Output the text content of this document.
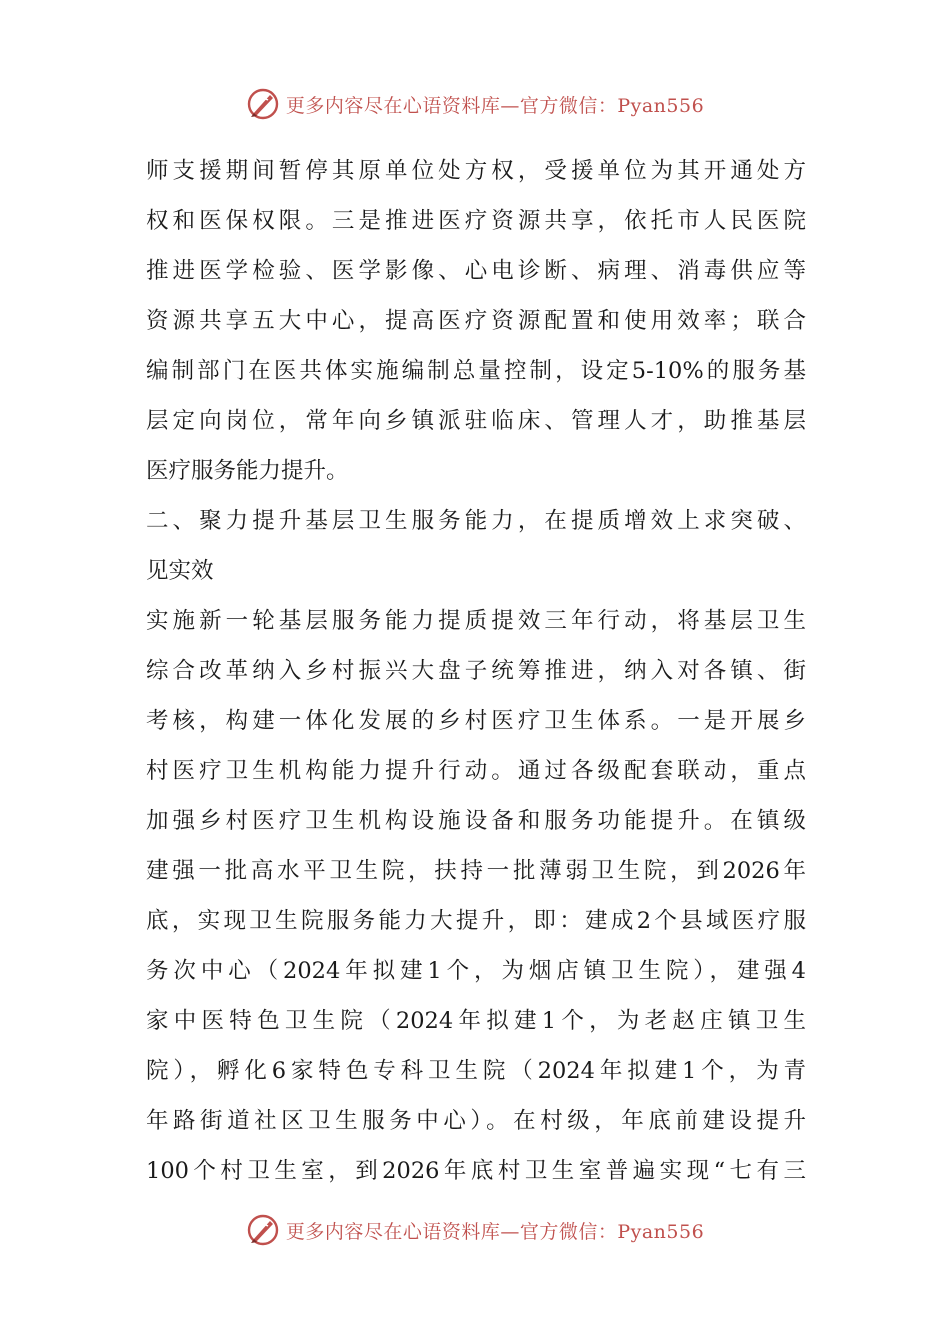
更多内容尽在心语资料库—官方微信：Pyan556
师支援期间暂停其原单位处方权，受援单位为其开通处方
权和医保权限。三是推进医疗资源共享，依托市人民医院
推进医学检验、医学影像、心电诊断、病理、消毒供应等
资源共享五大中心，提高医疗资源配置和使用效率；联合
编制部门在医共体实施编制总量控制，设定5-10%的服务基
层定向岗位，常年向乡镇派驻临床、管理人才，助推基层
医疗服务能力提升。
二、聚力提升基层卫生服务能力，在提质增效上求突破、
见实效
实施新一轮基层服务能力提质提效三年行动，将基层卫生
综合改革纳入乡村振兴大盘子统筹推进，纳入对各镇、街
考核，构建一体化发展的乡村医疗卫生体系。一是开展乡
村医疗卫生机构能力提升行动。通过各级配套联动，重点
加强乡村医疗卫生机构设施设备和服务功能提升。在镇级
建强一批高水平卫生院，扶持一批薄弱卫生院，到2026年
底，实现卫生院服务能力大提升，即：建成2个县域医疗服
务次中心（2024年拟建1个，为烟店镇卫生院），建强4
家中医特色卫生院（2024年拟建1个，为老赵庄镇卫生
院），孵化6家特色专科卫生院（2024年拟建1个，为青
年路街道社区卫生服务中心）。在村级，年底前建设提升
100个村卫生室，到2026年底村卫生室普遍实现“七有三
更多内容尽在心语资料库—官方微信：Pyan556
